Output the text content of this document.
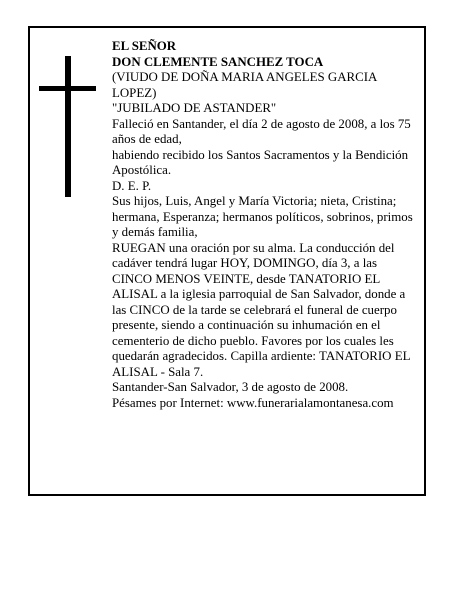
EL SEÑOR
DON CLEMENTE SANCHEZ TOCA
(VIUDO DE DOÑA MARIA ANGELES GARCIA LOPEZ)
"JUBILADO DE ASTANDER"
Falleció en Santander, el día 2 de agosto de 2008, a los 75 años de edad,
habiendo recibido los Santos Sacramentos y la Bendición Apostólica.
D. E. P.
Sus hijos, Luis, Angel y María Victoria; nieta, Cristina; hermana, Esperanza; hermanos políticos, sobrinos, primos y demás familia,
RUEGAN una oración por su alma. La conducción del cadáver tendrá lugar HOY, DOMINGO, día 3, a las CINCO MENOS VEINTE, desde TANATORIO EL ALISAL a la iglesia parroquial de San Salvador, donde a las CINCO de la tarde se celebrará el funeral de cuerpo presente, siendo a continuación su inhumación en el cementerio de dicho pueblo. Favores por los cuales les quedarán agradecidos. Capilla ardiente: TANATORIO EL ALISAL - Sala 7.
Santander-San Salvador, 3 de agosto de 2008.
Pésames por Internet: www.funerarialamontanesa.com
